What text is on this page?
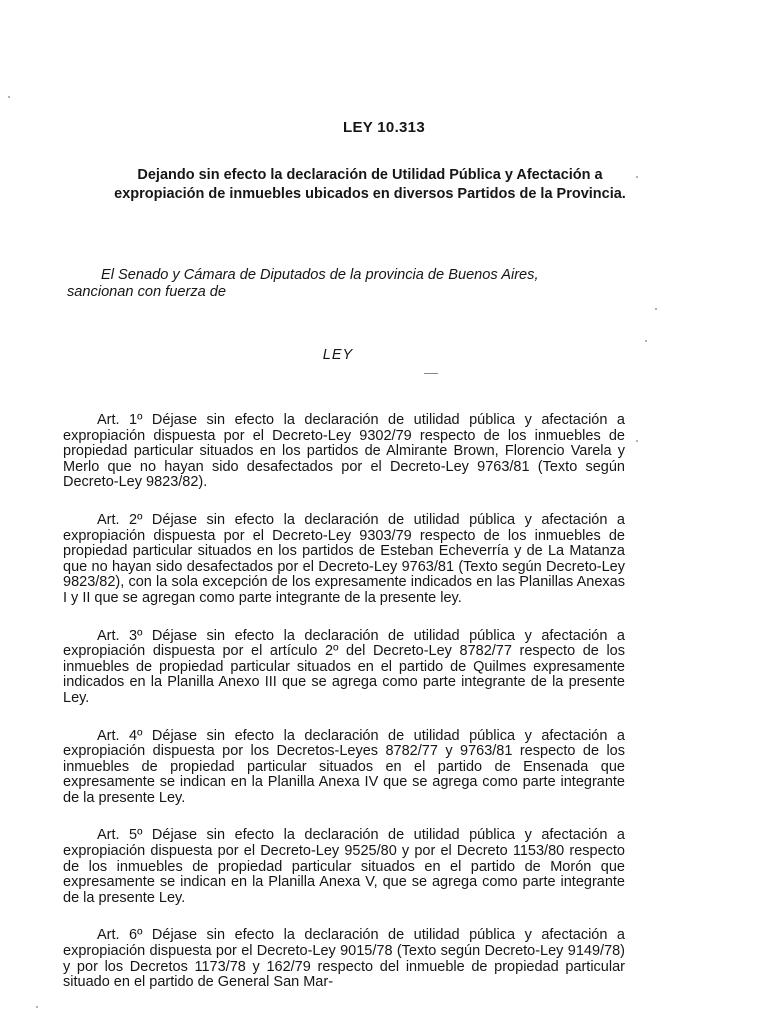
LEY 10.313
Dejando sin efecto la declaración de Utilidad Pública y Afectación a expropiación de inmuebles ubicados en diversos Partidos de la Provincia.
El Senado y Cámara de Diputados de la provincia de Buenos Aires,
sancionan con fuerza de
LEY

Art. 1º Déjase sin efecto la declaración de utilidad pública y afectación a expropiación dispuesta por el Decreto-Ley 9302/79 respecto de los inmuebles de propiedad particular situados en los partidos de Almirante Brown, Florencio Varela y Merlo que no hayan sido desafectados por el Decreto-Ley 9763/81 (Texto según Decreto-Ley 9823/82).

Art. 2º Déjase sin efecto la declaración de utilidad pública y afectación a expropiación dispuesta por el Decreto-Ley 9303/79 respecto de los inmuebles de propiedad particular situados en los partidos de Esteban Echeverría y de La Matanza que no hayan sido desafectados por el Decreto-Ley 9763/81 (Texto según Decreto-Ley 9823/82), con la sola excepción de los expresamente indicados en las Planillas Anexas I y II que se agregan como parte integrante de la presente ley.

Art. 3º Déjase sin efecto la declaración de utilidad pública y afectación a expropiación dispuesta por el artículo 2º del Decreto-Ley 8782/77 respecto de los inmuebles de propiedad particular situados en el partido de Quilmes expresamente indicados en la Planilla Anexo III que se agrega como parte integrante de la presente Ley.

Art. 4º Déjase sin efecto la declaración de utilidad pública y afectación a expropiación dispuesta por los Decretos-Leyes 8782/77 y 9763/81 respecto de los inmuebles de propiedad particular situados en el partido de Ensenada que expresamente se indican en la Planilla Anexa IV que se agrega como parte integrante de la presente Ley.

Art. 5º Déjase sin efecto la declaración de utilidad pública y afectación a expropiación dispuesta por el Decreto-Ley 9525/80 y por el Decreto 1153/80 respecto de los inmuebles de propiedad particular situados en el partido de Morón que expresamente se indican en la Planilla Anexa V, que se agrega como parte integrante de la presente Ley.

Art. 6º Déjase sin efecto la declaración de utilidad pública y afectación a expropiación dispuesta por el Decreto-Ley 9015/78 (Texto según Decreto-Ley 9149/78) y por los Decretos 1173/78 y 162/79 respecto del inmueble de propiedad particular situado en el partido de General San Mar-
